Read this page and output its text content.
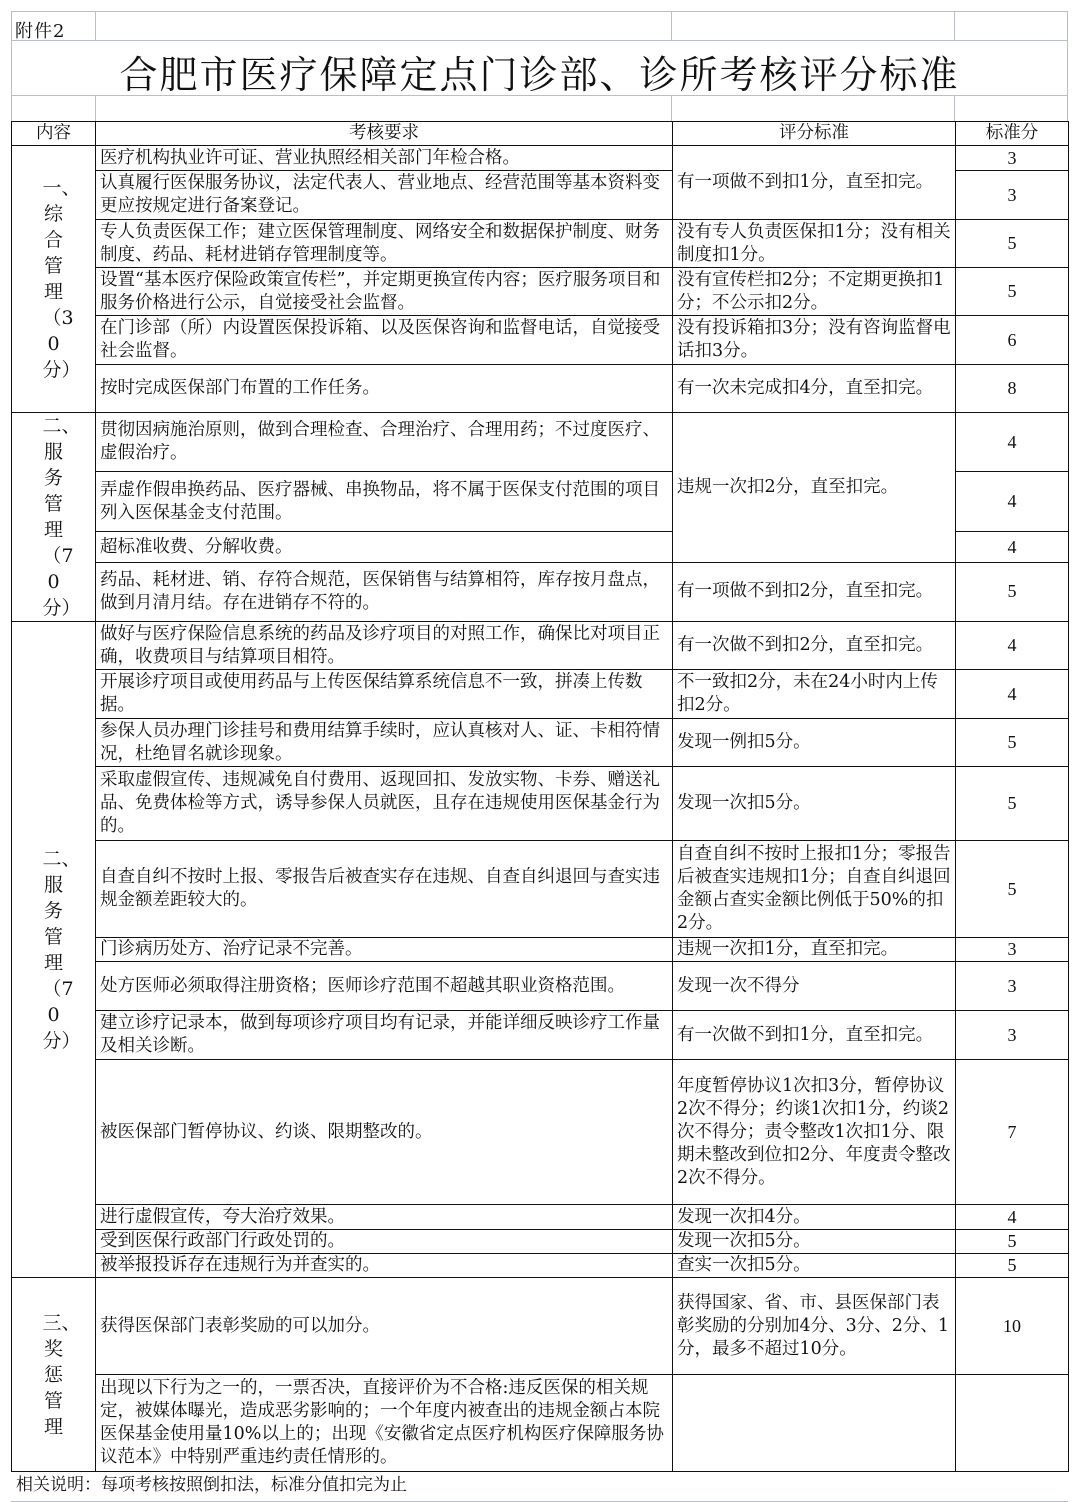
附件2
合肥市医疗保障定点门诊部、诊所考核评分标准
内容	考核要求	评分标准	标准分
一、综合管理（30分）	医疗机构执业许可证、营业执照经相关部门年检合格。	有一项做不到扣1分，直至扣完。	3
	认真履行医保服务协议，法定代表人、营业地点、经营范围等基本资料变更应按规定进行备案登记。		3
	专人负责医保工作；建立医保管理制度、网络安全和数据保护制度、财务制度、药品、耗材进销存管理制度等。	没有专人负责医保扣1分；没有相关制度扣1分。	5
	设置“基本医疗保险政策宣传栏”，并定期更换宣传内容；医疗服务项目和服务价格进行公示，自觉接受社会监督。	没有宣传栏扣2分；不定期更换扣1分；不公示扣2分。	5
	在门诊部（所）内设置医保投诉箱、以及医保咨询和监督电话，自觉接受社会监督。	没有投诉箱扣3分；没有咨询监督电话扣3分。	6
	按时完成医保部门布置的工作任务。	有一次未完成扣4分，直至扣完。	8
二、服务管理（70分）	贯彻因病施治原则，做到合理检查、合理治疗、合理用药；不过度医疗、虚假治疗。	违规一次扣2分，直至扣完。	4
	弄虚作假串换药品、医疗器械、串换物品，将不属于医保支付范围的项目列入医保基金支付范围。		4
	超标准收费、分解收费。		4
	药品、耗材进、销、存符合规范，医保销售与结算相符，库存按月盘点，做到月清月结。存在进销存不符的。	有一项做不到扣2分，直至扣完。	5
二、服务管理（70分）	做好与医疗保险信息系统的药品及诊疗项目的对照工作，确保比对项目正确，收费项目与结算项目相符。	有一次做不到扣2分，直至扣完。	4
	开展诊疗项目或使用药品与上传医保结算系统信息不一致，拼凑上传数据。	不一致扣2分，未在24小时内上传扣2分。	4
	参保人员办理门诊挂号和费用结算手续时，应认真核对人、证、卡相符情况，杜绝冒名就诊现象。	发现一例扣5分。	5
	采取虚假宣传、违规减免自付费用、返现回扣、发放实物、卡券、赠送礼品、免费体检等方式，诱导参保人员就医，且存在违规使用医保基金行为的。	发现一次扣5分。	5
	自查自纠不按时上报、零报告后被查实存在违规、自查自纠退回与查实违规金额差距较大的。	自查自纠不按时上报扣1分；零报告后被查实违规扣1分；自查自纠退回金额占查实金额比例低于50%的扣2分。	5
	门诊病历处方、治疗记录不完善。	违规一次扣1分，直至扣完。	3
	处方医师必须取得注册资格；医师诊疗范围不超越其职业资格范围。	发现一次不得分	3
	建立诊疗记录本，做到每项诊疗项目均有记录，并能详细反映诊疗工作量及相关诊断。	有一次做不到扣1分，直至扣完。	3
	被医保部门暂停协议、约谈、限期整改的。	年度暂停协议1次扣3分，暂停协议2次不得分；约谈1次扣1分，约谈2次不得分；责令整改1次扣1分、限期未整改到位扣2分、年度责令整改2次不得分。	7
	进行虚假宣传，夸大治疗效果。	发现一次扣4分。	4
	受到医保行政部门行政处罚的。	发现一次扣5分。	5
	被举报投诉存在违规行为并查实的。	查实一次扣5分。	5
三、奖惩管理	获得医保部门表彰奖励的可以加分。	获得国家、省、市、县医保部门表彰奖励的分别加4分、3分、2分、1分，最多不超过10分。	10
	出现以下行为之一的，一票否决，直接评价为不合格:违反医保的相关规定，被媒体曝光，造成恶劣影响的；一个年度内被查出的违规金额占本院医保基金使用量10%以上的；出现《安徽省定点医疗机构医疗保障服务协议范本》中特别严重违约责任情形的。		
相关说明：每项考核按照倒扣法，标准分值扣完为止
